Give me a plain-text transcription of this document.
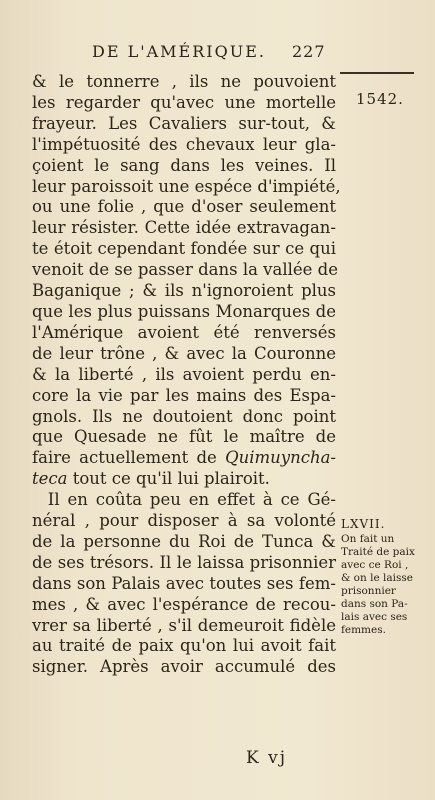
DE L'AMÉRIQUE. 227
1542.
& le tonnerre , ils ne pouvoient
les regarder qu'avec une mortelle
frayeur. Les Cavaliers sur-tout, &
l'impétuosité des chevaux leur gla-
çoient le sang dans les veines. Il
leur paroissoit une espéce d'impiété,
ou une folie , que d'oser seulement
leur résister. Cette idée extravagan-
te étoit cependant fondée sur ce qui
venoit de se passer dans la vallée de
Baganique ; & ils n'ignoroient plus
que les plus puissans Monarques de
l'Amérique avoient été renversés
de leur trône , & avec la Couronne
& la liberté , ils avoient perdu en-
core la vie par les mains des Espa-
gnols. Ils ne doutoient donc point
que Quesade ne fût le maître de
faire actuellement de Quimuyncha-
teca tout ce qu'il lui plairoit.
Il en coûta peu en effet à ce Gé-
néral , pour disposer à sa volonté
de la personne du Roi de Tunca &
de ses trésors. Il le laissa prisonnier
dans son Palais avec toutes ses fem-
mes , & avec l'espérance de recou-
vrer sa liberté , s'il demeuroit fidèle
au traité de paix qu'on lui avoit fait
signer. Après avoir accumulé des
LXVII.
On fait un
Traité de paix
avec ce Roi ,
& on le laisse
prisonnier
dans son Pa-
lais avec ses
femmes.
K vj
